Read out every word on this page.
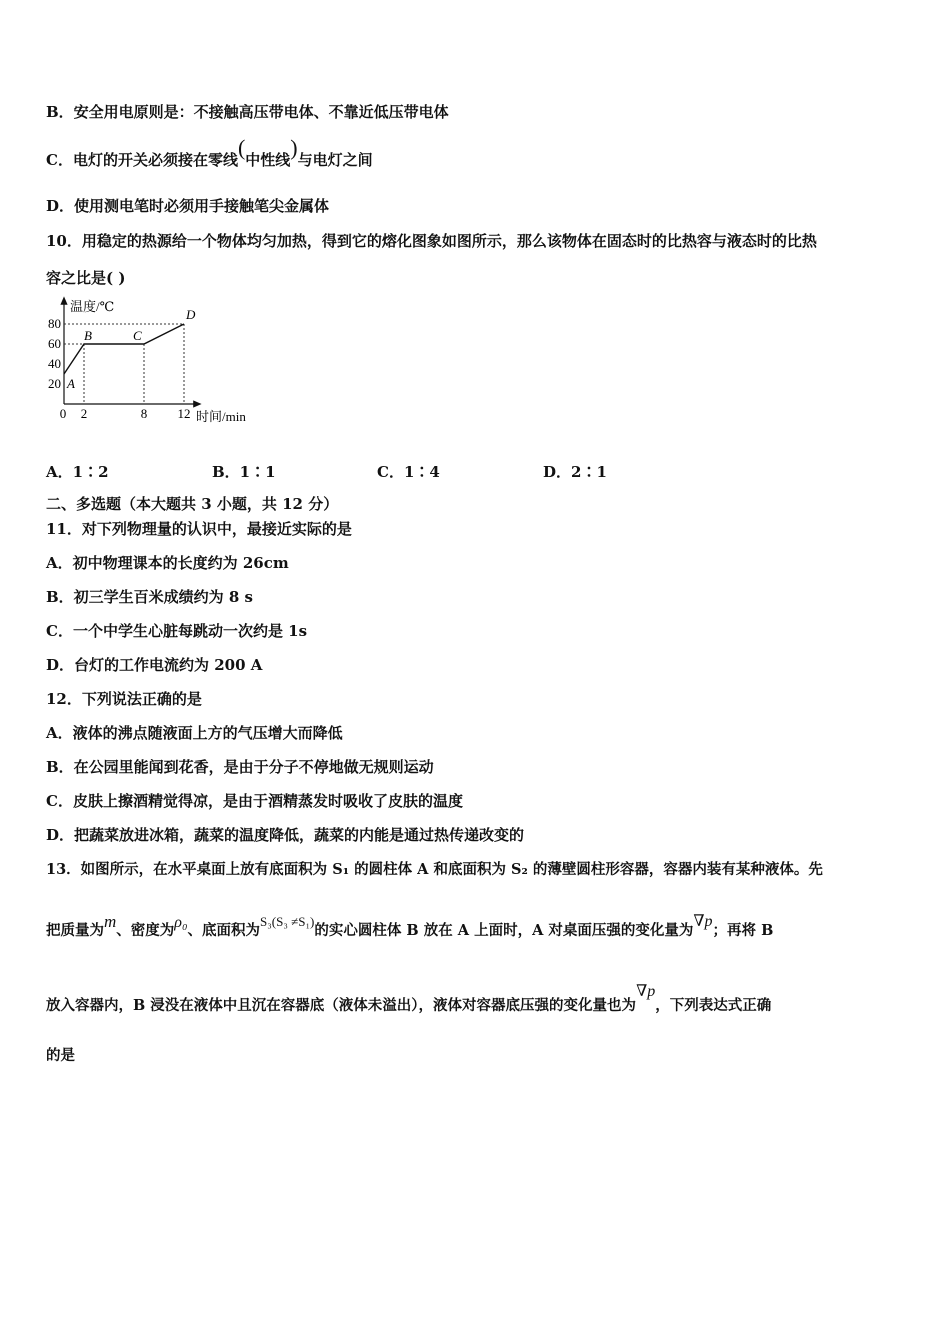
B．安全用电原则是：不接触高压带电体、不靠近低压带电体
C．电灯的开关必须接在零线(中性线)与电灯之间
D．使用测电笔时必须用手接触笔尖金属体
10．用稳定的热源给一个物体均匀加热，得到它的熔化图象如图所示，那么该物体在固态时的比热容与液态时的比热
容之比是( )
温度/℃
时间/min
20
40
60
80
0 2	8 12
A
B	C
D
A．1∶2	B．1∶1	C．1∶4	D．2∶1
二、多选题（本大题共 3 小题，共 12 分）
11．对下列物理量的认识中，最接近实际的是
A．初中物理课本的长度约为 26cm
B．初三学生百米成绩约为 8 s
C．一个中学生心脏每跳动一次约是 1s
D．台灯的工作电流约为 200 A
12．下列说法正确的是
A．液体的沸点随液面上方的气压增大而降低
B．在公园里能闻到花香，是由于分子不停地做无规则运动
C．皮肤上擦酒精觉得凉，是由于酒精蒸发时吸收了皮肤的温度
D．把蔬菜放进冰箱，蔬菜的温度降低，蔬菜的内能是通过热传递改变的
13．如图所示，在水平桌面上放有底面积为 S₁ 的圆柱体 A 和底面积为 S₂ 的薄壁圆柱形容器，容器内装有某种液体。先
把质量为m、密度为ρ₀、底面积为S₃(S₃ ≠S₁)的实心圆柱体 B 放在 A 上面时，A 对桌面压强的变化量为∇p；再将 B
放入容器内，B 浸没在液体中且沉在容器底（液体未溢出），液体对容器底压强的变化量也为∇p，下列表达式正确
的是
